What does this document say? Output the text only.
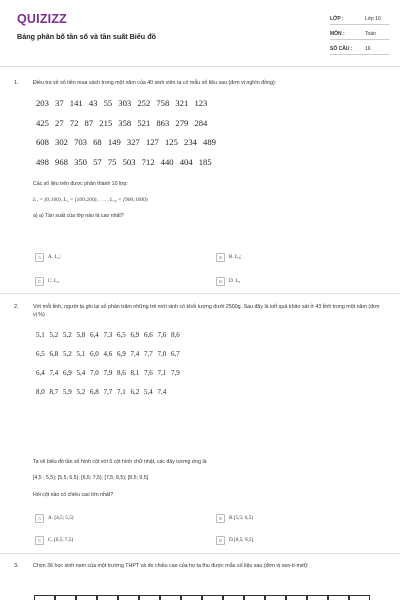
QUIZIZZ
Bảng phân bố tần số và tần suất Biểu đồ
LỚP :	Lớp 10
MÔN :	Toán
SỐ CÂU :	16
1.	Điều tra về số tiền mua sách trong một năm của 40 sinh viên ta có mẫu số liệu sau (đơn vị nghìn đồng):
203 37 141 43 55 303 252 758 321 123
425 27 72 87 215 358 521 863 279 284
608 302 703 68 149 327 127 125 234 489
498 968 350 57 75 503 712 440 404 185
Các số liệu trên được phân thành 10 lớp:
L₁ = [0;100), L₂ = [100;200), . . . , L₁₀ = [900;1000)
a) a) Tần suất của lớp nào là cao nhất?
A	A. L₁;	B	B. L₃;
C	C. L₄	D	D. L₅
2.	Với mỗi tỉnh, người ta ghi lại số phần trăm những trẻ mới sinh có khối lượng dưới 2500g. Sau đây là kết quả khảo sát ở 43 tỉnh trong một năm (đơn vị %)
5,1 5,2 5,2 5,8 6,4 7,3 6,5 6,9 6,6 7,6 8,6
6,5 6,8 5,2 5,1 6,0 4,6 6,9 7,4 7,7 7,0 6,7
6,4 7,4 6,9 5,4 7,0 7,9 8,6 8,1 7,6 7,1 7,9
8,0 8,7 5,9 5,2 6,8 7,7 7,1 6,2 5,4 7,4
Ta vẽ biểu đồ tần số hình cột với 5 cột hình chữ nhật, các đáy tương ứng là
[4,5 ; 5,5); [5,5; 6,5); [6,5; 7,5); [7,5; 8,5); [8,5; 9,5]
Hỏi cột nào có chiều cao lớn nhất?
A	A. [4,5; 5,5)	B	B.[5,5; 6,5)
C	C. [6,5; 7,5)	D	D.[8,5; 9,5]
3.	Chọn 36 học sinh nam của một trường THPT và đo chiều cao của họ ta thu được mẫu số liệu sau (đơn vị xen-ti-mét):
